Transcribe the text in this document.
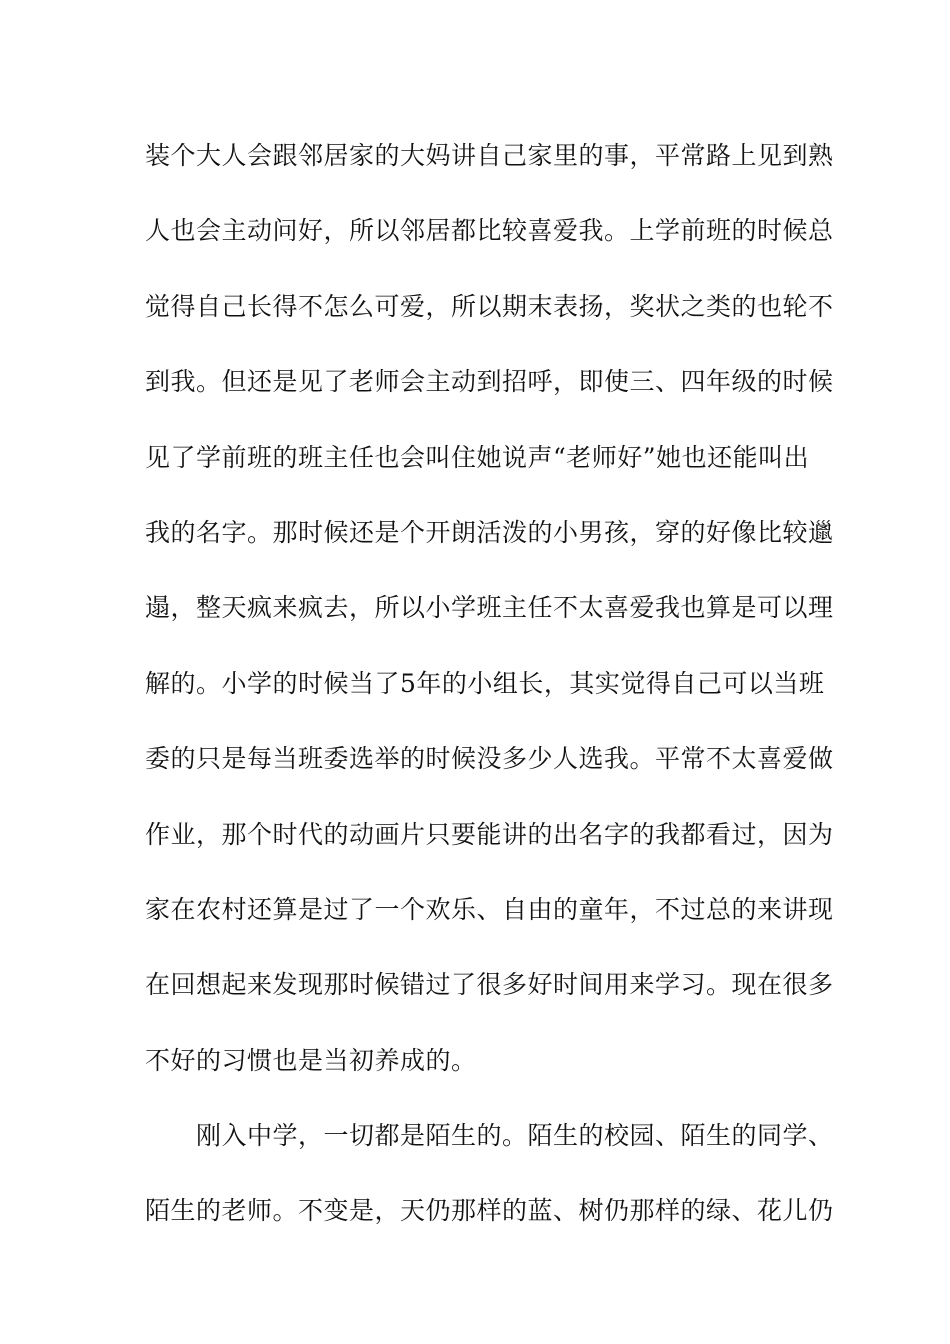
装个大人会跟邻居家的大妈讲自己家里的事，平常路上见到熟
人也会主动问好，所以邻居都比较喜爱我。上学前班的时候总
觉得自己长得不怎么可爱，所以期末表扬，奖状之类的也轮不
到我。但还是见了老师会主动到招呼，即使三、四年级的时候
见了学前班的班主任也会叫住她说声“老师好”她也还能叫出
我的名字。那时候还是个开朗活泼的小男孩，穿的好像比较邋
遢，整天疯来疯去，所以小学班主任不太喜爱我也算是可以理
解的。小学的时候当了5年的小组长，其实觉得自己可以当班
委的只是每当班委选举的时候没多少人选我。平常不太喜爱做
作业，那个时代的动画片只要能讲的出名字的我都看过，因为
家在农村还算是过了一个欢乐、自由的童年，不过总的来讲现
在回想起来发现那时候错过了很多好时间用来学习。现在很多
不好的习惯也是当初养成的。
　　刚入中学，一切都是陌生的。陌生的校园、陌生的同学、
陌生的老师。不变是，天仍那样的蓝、树仍那样的绿、花儿仍
